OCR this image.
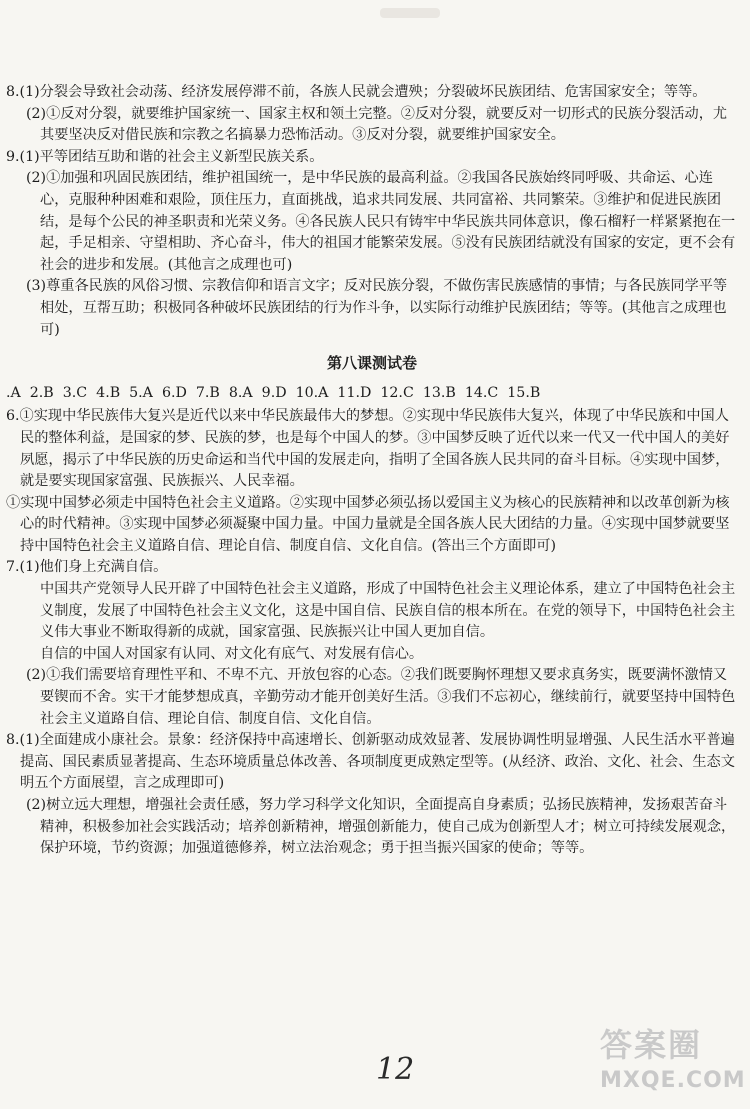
8.(1)分裂会导致社会动荡、经济发展停滞不前，各族人民就会遭殃；分裂破坏民族团结、危害国家安全；等等。

(2)①反对分裂，就要维护国家统一、国家主权和领土完整。②反对分裂，就要反对一切形式的民族分裂活动，尤其要坚决反对借民族和宗教之名搞暴力恐怖活动。③反对分裂，就要维护国家安全。

9.(1)平等团结互助和谐的社会主义新型民族关系。

(2)①加强和巩固民族团结，维护祖国统一，是中华民族的最高利益。②我国各民族始终同呼吸、共命运、心连心，克服种种困难和艰险，顶住压力，直面挑战，追求共同发展、共同富裕、共同繁荣。③维护和促进民族团结，是每个公民的神圣职责和光荣义务。④各民族人民只有铸牢中华民族共同体意识，像石榴籽一样紧紧抱在一起，手足相亲、守望相助、齐心奋斗，伟大的祖国才能繁荣发展。⑤没有民族团结就没有国家的安定，更不会有社会的进步和发展。(其他言之成理也可)

(3)尊重各民族的风俗习惯、宗教信仰和语言文字；反对民族分裂，不做伤害民族感情的事情；与各民族同学平等相处，互帮互助；积极同各种破坏民族团结的行为作斗争，以实际行动维护民族团结；等等。(其他言之成理也可)

第八课测试卷

.A  2.B  3.C  4.B  5.A  6.D  7.B  8.A  9.D  10.A  11.D  12.C  13.B  14.C  15.B

6.①实现中华民族伟大复兴是近代以来中华民族最伟大的梦想。②实现中华民族伟大复兴，体现了中华民族和中国人民的整体利益，是国家的梦、民族的梦，也是每个中国人的梦。③中国梦反映了近代以来一代又一代中国人的美好夙愿，揭示了中华民族的历史命运和当代中国的发展走向，指明了全国各族人民共同的奋斗目标。④实现中国梦，就是要实现国家富强、民族振兴、人民幸福。

①实现中国梦必须走中国特色社会主义道路。②实现中国梦必须弘扬以爱国主义为核心的民族精神和以改革创新为核心的时代精神。③实现中国梦必须凝聚中国力量。中国力量就是全国各族人民大团结的力量。④实现中国梦就要坚持中国特色社会主义道路自信、理论自信、制度自信、文化自信。(答出三个方面即可)

7.(1)他们身上充满自信。

中国共产党领导人民开辟了中国特色社会主义道路，形成了中国特色社会主义理论体系，建立了中国特色社会主义制度，发展了中国特色社会主义文化，这是中国自信、民族自信的根本所在。在党的领导下，中国特色社会主义伟大事业不断取得新的成就，国家富强、民族振兴让中国人更加自信。

自信的中国人对国家有认同、对文化有底气、对发展有信心。

(2)①我们需要培育理性平和、不卑不亢、开放包容的心态。②我们既要胸怀理想又要求真务实，既要满怀激情又要锲而不舍。实干才能梦想成真，辛勤劳动才能开创美好生活。③我们不忘初心，继续前行，就要坚持中国特色社会主义道路自信、理论自信、制度自信、文化自信。

8.(1)全面建成小康社会。景象：经济保持中高速增长、创新驱动成效显著、发展协调性明显增强、人民生活水平普遍提高、国民素质显著提高、生态环境质量总体改善、各项制度更成熟定型等。(从经济、政治、文化、社会、生态文明五个方面展望，言之成理即可)

(2)树立远大理想，增强社会责任感，努力学习科学文化知识，全面提高自身素质；弘扬民族精神，发扬艰苦奋斗精神，积极参加社会实践活动；培养创新精神，增强创新能力，使自己成为创新型人才；树立可持续发展观念，保护环境，节约资源；加强道德修养，树立法治观念；勇于担当振兴国家的使命；等等。

12
答案圈
MXQE.COM
